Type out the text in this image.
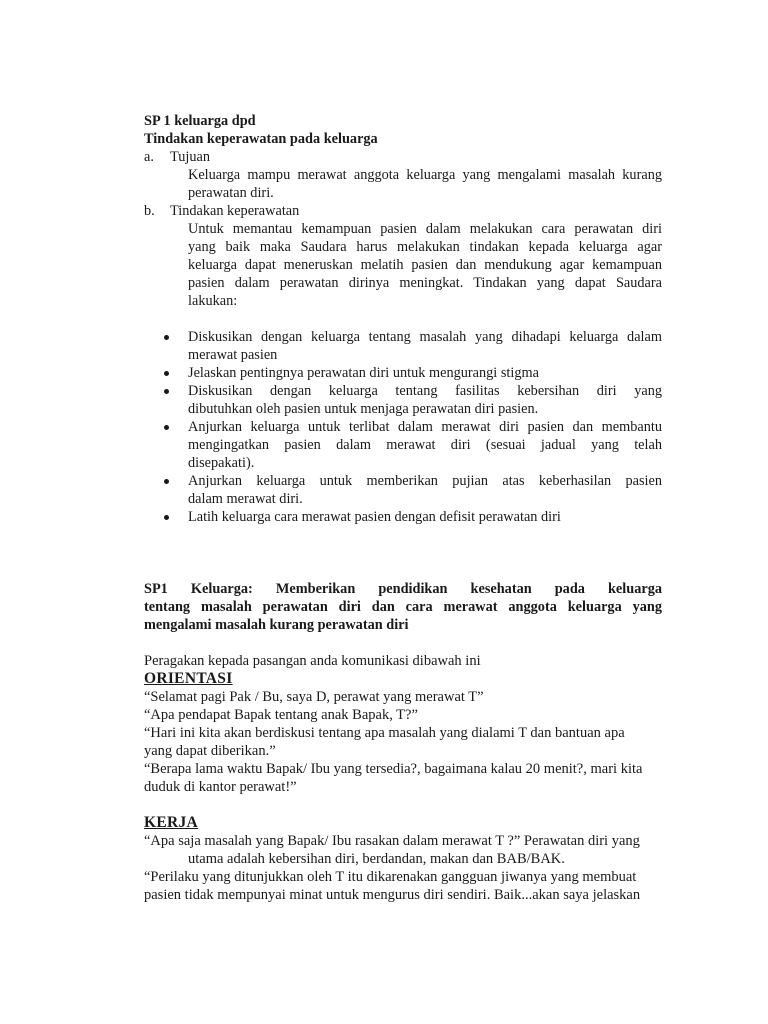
SP 1 keluarga dpd
Tindakan keperawatan pada keluarga
a. Tujuan
Keluarga mampu merawat anggota keluarga yang mengalami masalah kurang
perawatan diri.
b. Tindakan keperawatan
Untuk memantau kemampuan pasien dalam melakukan cara perawatan diri
yang baik maka Saudara harus melakukan tindakan kepada keluarga agar
keluarga dapat meneruskan melatih pasien dan mendukung agar kemampuan
pasien dalam perawatan dirinya meningkat. Tindakan yang dapat Saudara
lakukan:
Diskusikan dengan keluarga tentang masalah yang dihadapi keluarga dalam
merawat pasien
Jelaskan pentingnya perawatan diri untuk mengurangi stigma
Diskusikan dengan keluarga tentang fasilitas kebersihan diri yang
dibutuhkan oleh pasien untuk menjaga perawatan diri pasien.
Anjurkan keluarga untuk terlibat dalam merawat diri pasien dan membantu
mengingatkan pasien dalam merawat diri (sesuai jadual yang telah
disepakati).
Anjurkan keluarga untuk memberikan pujian atas keberhasilan pasien
dalam merawat diri.
Latih keluarga cara merawat pasien dengan defisit perawatan diri
SP1 Keluarga: Memberikan pendidikan kesehatan pada keluarga
tentang masalah perawatan diri dan cara merawat anggota keluarga yang
mengalami masalah kurang perawatan diri
Peragakan kepada pasangan anda komunikasi dibawah ini
ORIENTASI
“Selamat pagi Pak / Bu, saya D, perawat yang merawat T”
“Apa pendapat Bapak tentang anak Bapak, T?”
“Hari ini kita akan berdiskusi tentang apa masalah yang dialami T dan bantuan apa
yang dapat diberikan.”
“Berapa lama waktu Bapak/ Ibu yang tersedia?, bagaimana kalau 20 menit?, mari kita
duduk di kantor perawat!”
KERJA
“Apa saja masalah yang Bapak/ Ibu rasakan dalam merawat T ?” Perawatan diri yang
utama adalah kebersihan diri, berdandan, makan dan BAB/BAK.
“Perilaku yang ditunjukkan oleh T itu dikarenakan gangguan jiwanya yang membuat
pasien tidak mempunyai minat untuk mengurus diri sendiri. Baik...akan saya jelaskan
